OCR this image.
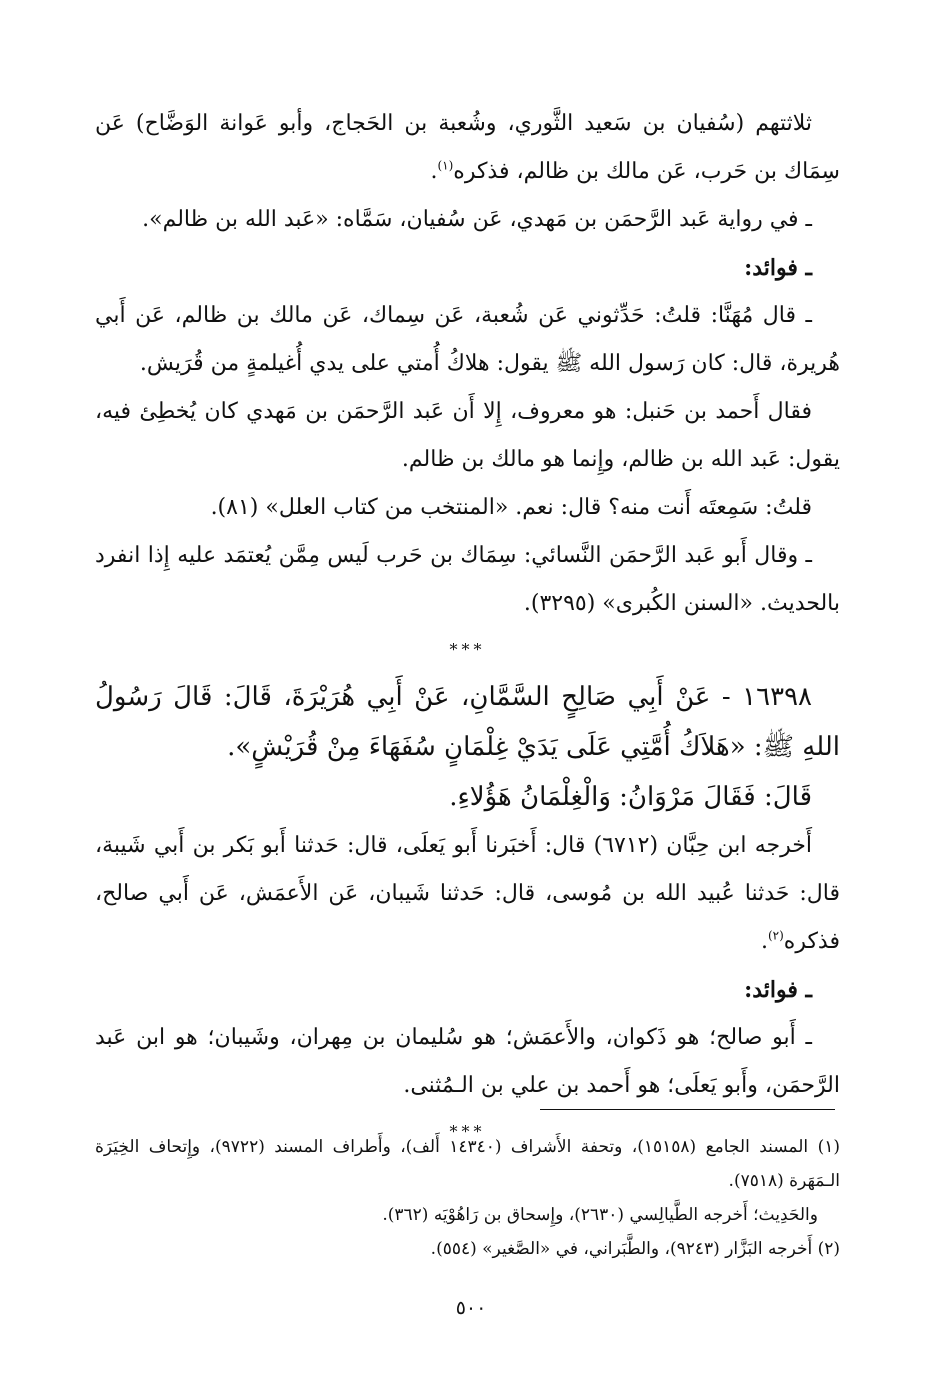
ثلاثتهم (سُفيان بن سَعيد الثَّوري، وشُعبة بن الحَجاج، وأبو عَوانة الوَضَّاح) عَن سِمَاك بن حَرب، عَن مالك بن ظالم، فذكره$^{(١)}$.

ـ في رواية عَبد الرَّحمَن بن مَهدي، عَن سُفيان، سَمَّاه: «عَبد الله بن ظالم».

ـ فوائد:

ـ قال مُهَنَّا: قلتُ: حَدِّثوني عَن شُعبة، عَن سِماك، عَن مالك بن ظالم، عَن أَبي هُريرة، قال: كان رَسول الله ﷺ يقول: هلاكُ أُمتي على يدي أُغيلمةٍ من قُرَيش.

فقال أَحمد بن حَنبل: هو معروف، إِلا أَن عَبد الرَّحمَن بن مَهدي كان يُخطِئ فيه، يقول: عَبد الله بن ظالم، وإِنما هو مالك بن ظالم.

قلتُ: سَمِعتَه أَنت منه؟ قال: نعم. «المنتخب من كتاب العلل» (٨١).

ـ وقال أَبو عَبد الرَّحمَن النَّسائي: سِمَاك بن حَرب لَيس مِمَّن يُعتمَد عليه إِذا انفرد بالحديث. «السنن الكُبرى» (٣٢٩٥).

***

١٦٣٩٨ - عَنْ أَبِي صَالِحٍ السَّمَّانِ، عَنْ أَبِي هُرَيْرَةَ، قَالَ: قَالَ رَسُولُ اللهِ ﷺ: «هَلاَكُ أُمَّتِي عَلَى يَدَيْ غِلْمَانٍ سُفَهَاءَ مِنْ قُرَيْشٍ».

قَالَ: فَقَالَ مَرْوَانُ: وَالْغِلْمَانُ هَؤُلاءِ.

أَخرجه ابن حِبَّان (٦٧١٢) قال: أَخبَرنا أَبو يَعلَى، قال: حَدثنا أَبو بَكر بن أَبي شَيبة، قال: حَدثنا عُبيد الله بن مُوسى، قال: حَدثنا شَيبان، عَن الأَعمَش، عَن أَبي صالح، فذكره$^{(٢)}$.

ـ فوائد:

ـ أَبو صالح؛ هو ذَكوان، والأَعمَش؛ هو سُليمان بن مِهران، وشَيبان؛ هو ابن عَبد الرَّحمَن، وأَبو يَعلَى؛ هو أَحمد بن علي بن الـمُثنى.

***

(١) المسند الجامع (١٥١٥٨)، وتحفة الأَشراف (١٤٣٤٠ أَلف)، وأَطراف المسند (٩٧٢٢)، وإِتحاف الخِيَرَة الـمَهَرة (٧٥١٨).

والحَدِيث؛ أَخرجه الطَّيالِسي (٢٦٣٠)، وإِسحاق بن رَاهُوْيَه (٣٦٢).

(٢) أَخرجه البَزَّار (٩٢٤٣)، والطَّبَراني، في «الصَّغير» (٥٥٤).

٥٠٠
